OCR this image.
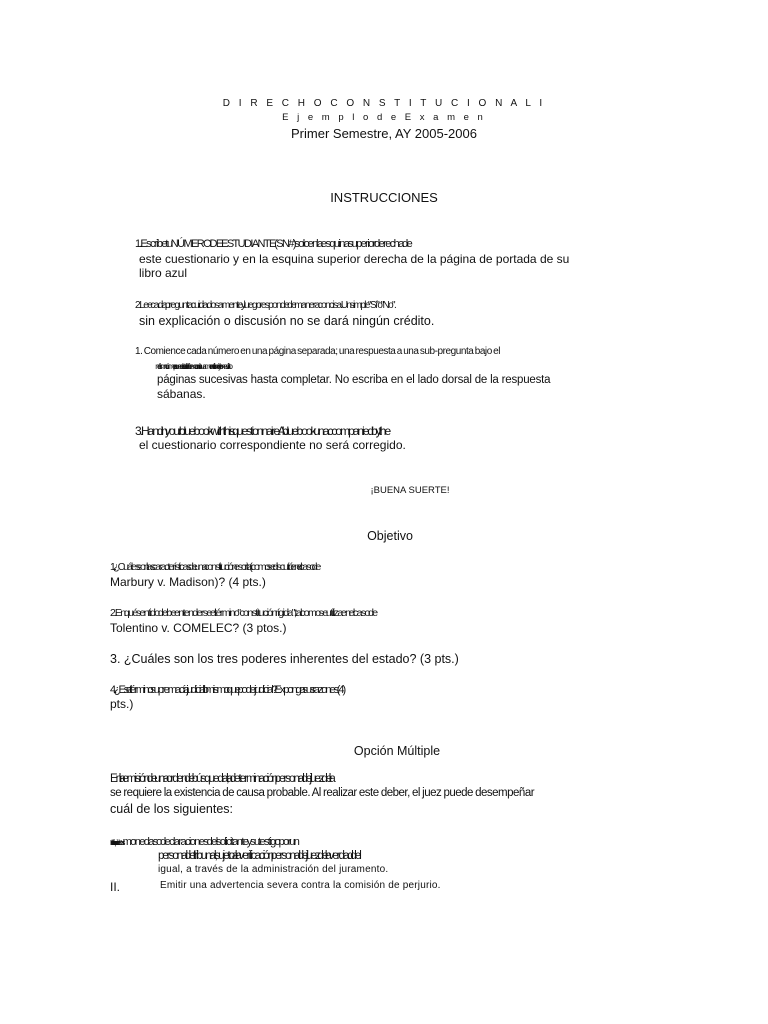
D I R E C H O C O N S T I T U C I O N A L I

E j e m p l o d e E x a m e n

Primer Semestre, AY 2005-2006

INSTRUCCIONES

1. Escribe tu NÚMERO DE ESTUDIANTE (SN#) solo en la esquina superior derecha de

este cuestionario y en la esquina superior derecha de la página de portada de su

libro azul

2. Lee cada pregunta cuidadosamente y luego responde de manera concisa. Un simple "Sí" o "No".

sin explicación o discusión no se dará ningún crédito.

1. Comience cada número en una página separada; una respuesta a una sub-pregunta bajo el

el mismo número puede estar debe formar continuamente el mismo y de inmediato

páginas sucesivas hasta completar. No escriba en el lado dorsal de la respuesta

sábanas.

3.Hand in your bluebook with this questionnaire. A bluebook unaccompanied by the

el cuestionario correspondiente no será corregido.

¡BUENA SUERTE!

Objetivo

1. ¿Cuáles son las características de una constitución escrita (como se discutió en el caso de

Marbury v. Madison)? (4 pts.)

2. En qué sentido debe entenderse el término "constitución rígida", tal como se utiliza en el caso de

Tolentino v. COMELEC? (3 ptos.)

3. ¿Cuáles son los tres poderes inherentes del estado? (3 pts.)

4. ¿Es el término supremacía judicial lo mismo que poder judicial? Exponga sus razones. (4)

pts.)

Opción Múltiple

En la emisión de una orden de búsqueda, la determinación personal del juez de la

se requiere la existencia de causa probable. Al realizar este deber, el juez puede desempeñar

cuál de los siguientes:

Para fines de satisfacción de pruebas " monedas o declaraciones del solicitante y su testigo por un

personal del tribunal, sujeto a la verificación personal del juez de la verdad del

igual, a través de la administración del juramento.

II.	Emitir una advertencia severa contra la comisión de perjurio.
